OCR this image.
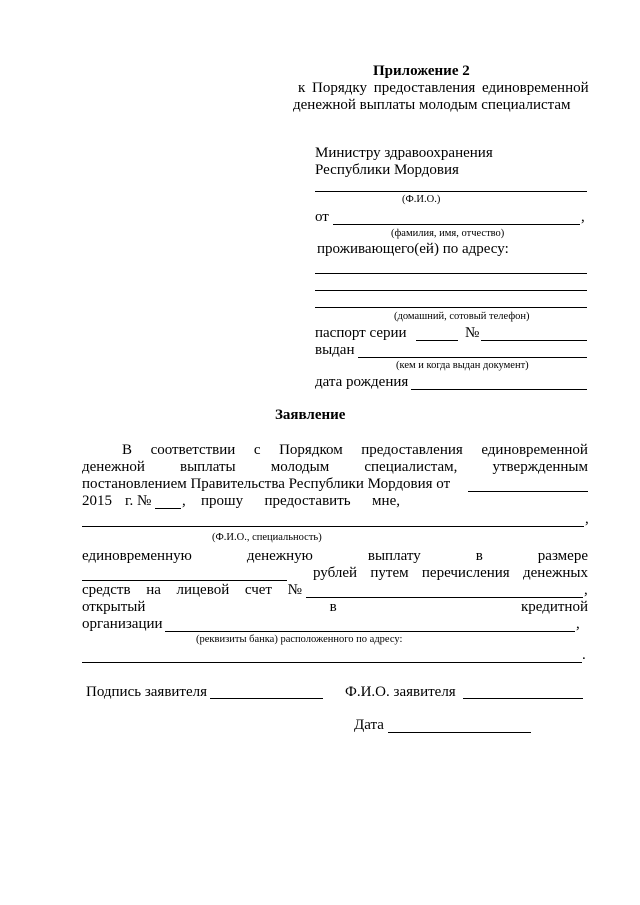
Приложение 2
к Порядку предоставления единовременной
денежной выплаты молодым специалистам
Министру здравоохранения
Республики Мордовия
(Ф.И.О.)
от	,
(фамилия, имя, отчество)
проживающего(ей) по адресу:
(домашний, сотовый телефон)
паспорт серии	№
выдан
(кем и когда выдан документ)
дата рождения
Заявление
В соответствии с Порядком предоставления единовременной
денежной выплаты молодым специалистам, утвержденным
постановлением Правительства Республики Мордовия от
2015 г. № , прошу предоставить мне,
,
(Ф.И.О., специальность)
единовременную	денежную	выплату	в	размере
рублей путем перечисления денежных
средств на лицевой счет №	,
открытый	в	кредитной
организации	,
(реквизиты банка) расположенного по адресу:
.
Подпись заявителя	Ф.И.О. заявителя
Дата
